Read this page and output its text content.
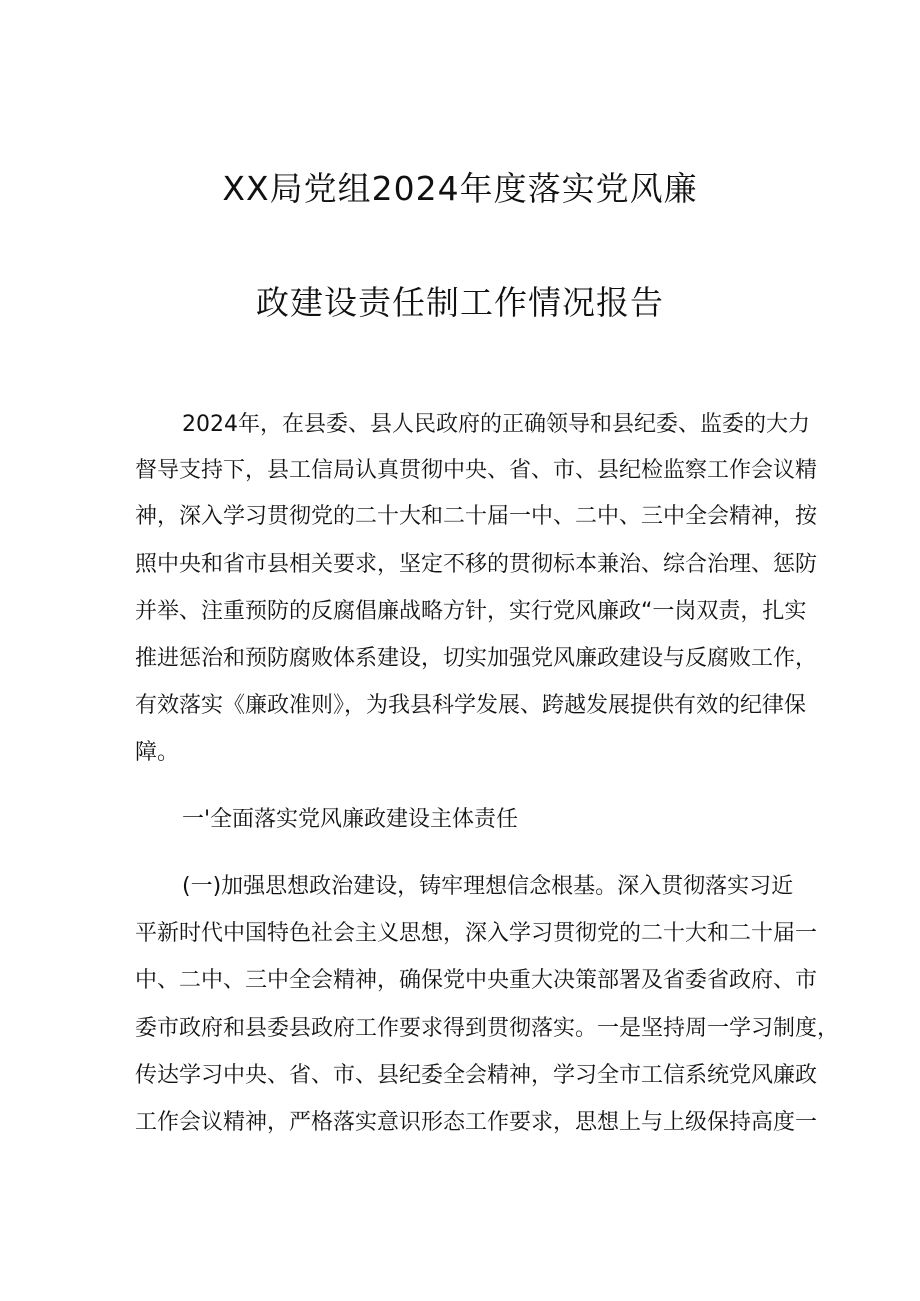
XX局党组2024年度落实党风廉
政建设责任制工作情况报告
2024年，在县委、县人民政府的正确领导和县纪委、监委的大力
督导支持下，县工信局认真贯彻中央、省、市、县纪检监察工作会议精
神，深入学习贯彻党的二十大和二十届一中、二中、三中全会精神，按
照中央和省市县相关要求，坚定不移的贯彻标本兼治、综合治理、惩防
并举、注重预防的反腐倡廉战略方针，实行党风廉政“一岗双责，扎实
推进惩治和预防腐败体系建设，切实加强党风廉政建设与反腐败工作，
有效落实《廉政准则》，为我县科学发展、跨越发展提供有效的纪律保
障。
一'全面落实党风廉政建设主体责任
(一)加强思想政治建设，铸牢理想信念根基。深入贯彻落实习近
平新时代中国特色社会主义思想，深入学习贯彻党的二十大和二十届一
中、二中、三中全会精神，确保党中央重大决策部署及省委省政府、市
委市政府和县委县政府工作要求得到贯彻落实。一是坚持周一学习制度，
传达学习中央、省、市、县纪委全会精神，学习全市工信系统党风廉政
工作会议精神，严格落实意识形态工作要求，思想上与上级保持高度一
